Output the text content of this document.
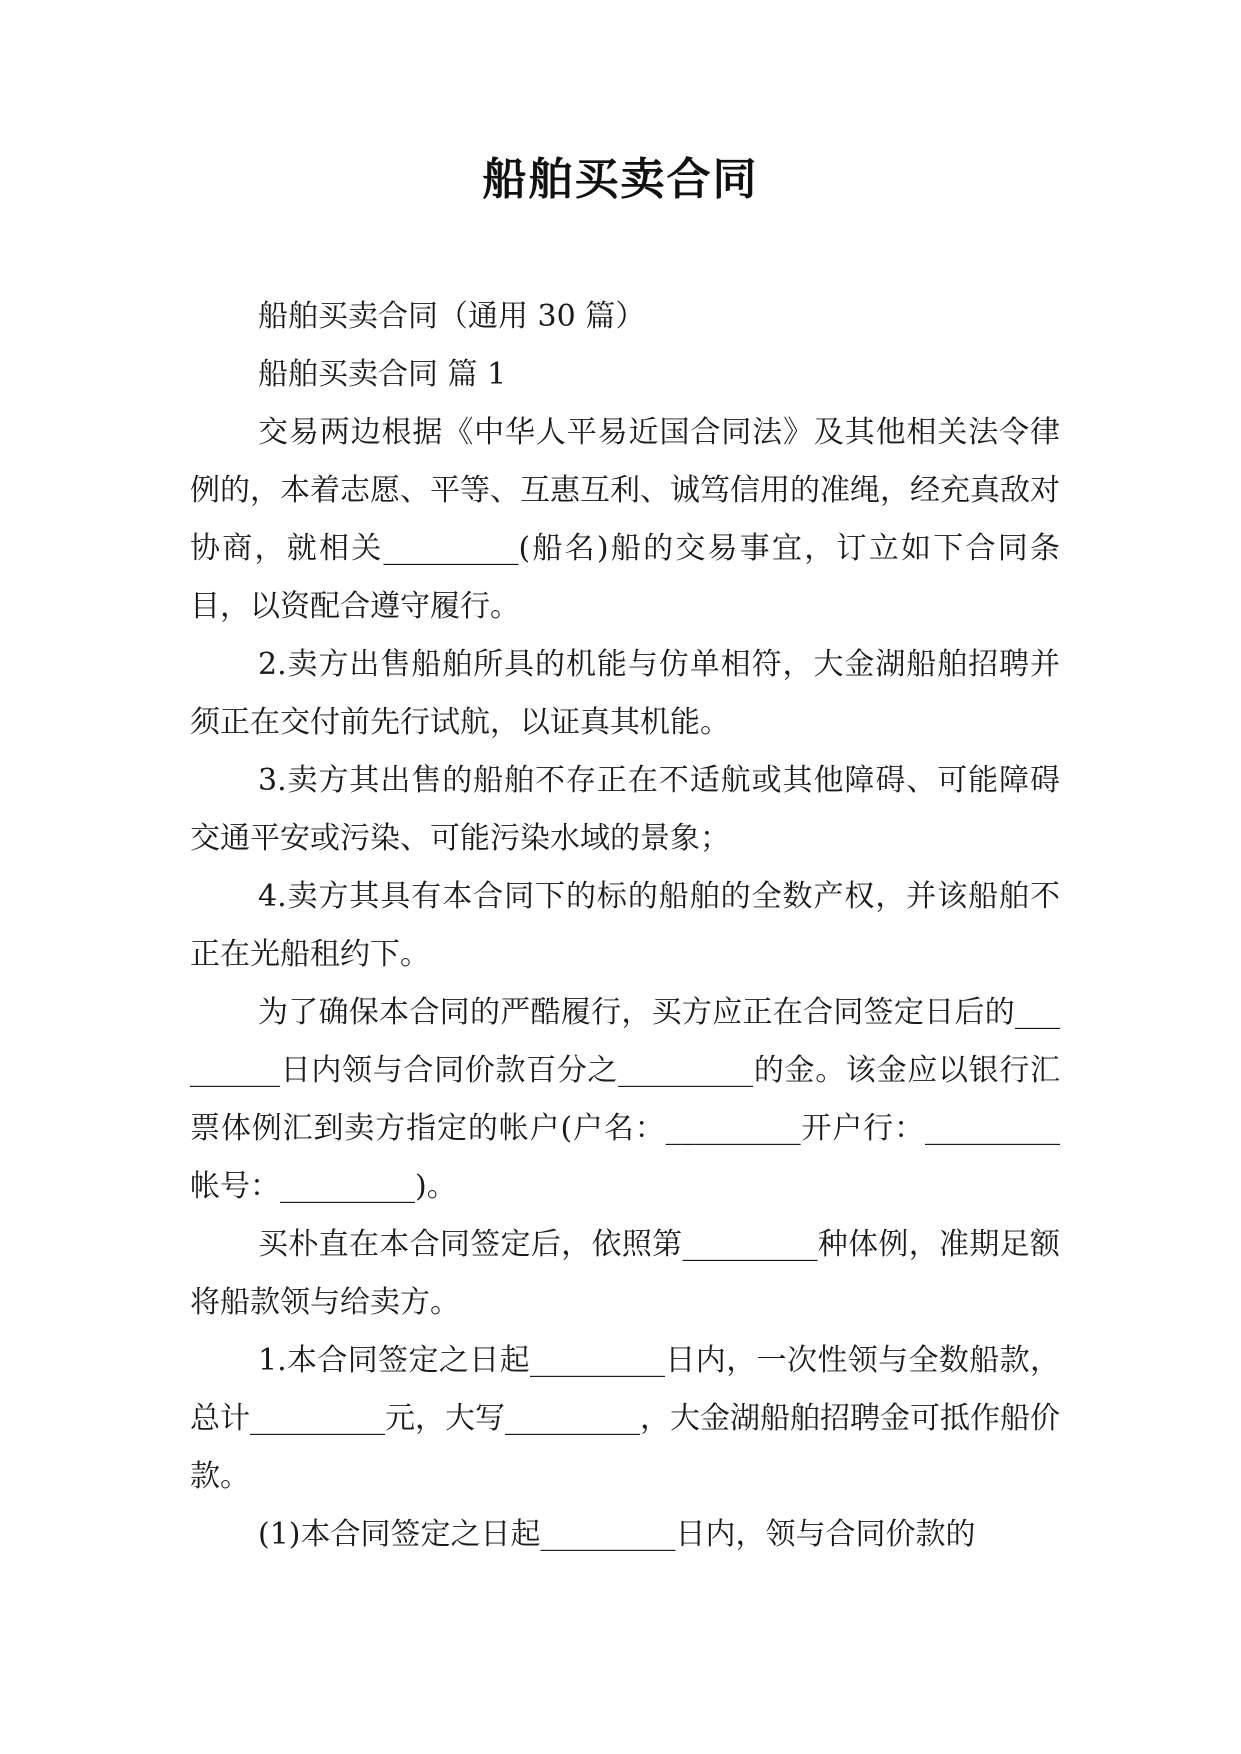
船舶买卖合同

船舶买卖合同（通用 30 篇）

船舶买卖合同 篇 1

交易两边根据《中华人平易近国合同法》及其他相关法令律例的，本着志愿、平等、互惠互利、诚笃信用的准绳，经充真敌对协商，就相关_________(船名)船的交易事宜，订立如下合同条目，以资配合遵守履行。

2.卖方出售船舶所具的机能与仿单相符，大金湖船舶招聘并须正在交付前先行试航，以证真其机能。

3.卖方其出售的船舶不存正在不适航或其他障碍、可能障碍交通平安或污染、可能污染水域的景象；

4.卖方其具有本合同下的标的船舶的全数产权，并该船舶不正在光船租约下。

为了确保本合同的严酷履行，买方应正在合同签定日后的_________日内领与合同价款百分之_________的金。该金应以银行汇票体例汇到卖方指定的帐户(户名：_________开户行：_________帐号：_________)。

买朴直在本合同签定后，依照第_________种体例，准期足额将船款领与给卖方。

1.本合同签定之日起_________日内，一次性领与全数船款，总计_________元，大写_________，大金湖船舶招聘金可抵作船价款。

(1)本合同签定之日起_________日内，领与合同价款的
